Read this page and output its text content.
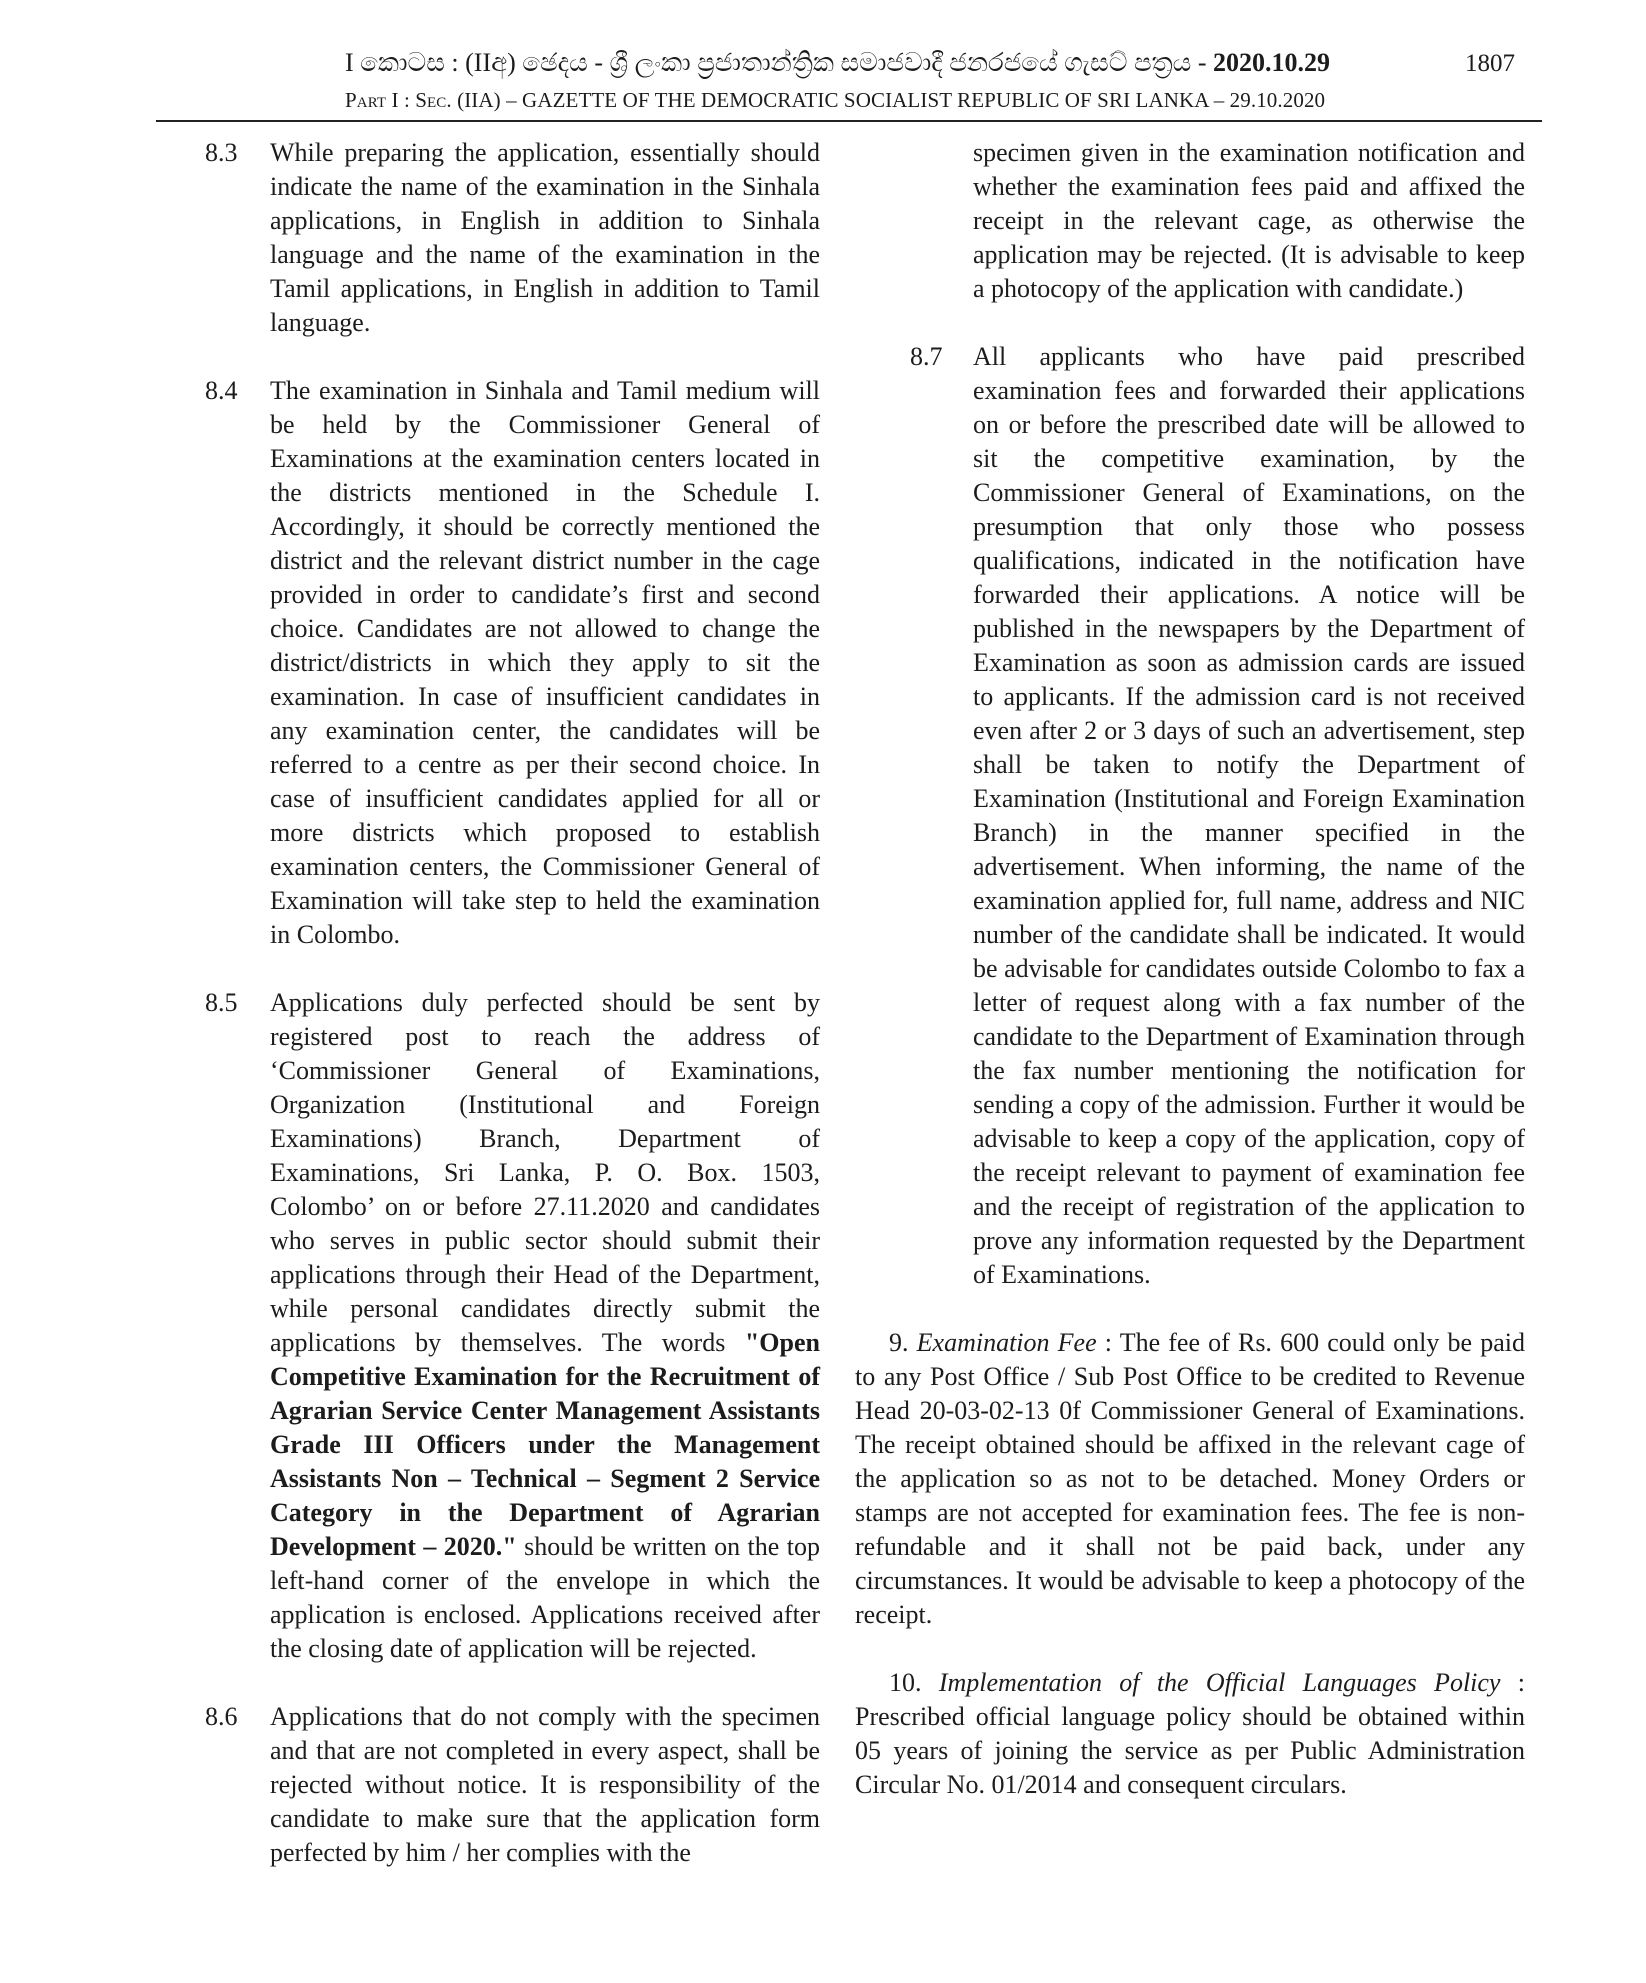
I කොටස : (IIඅ) ඡෙදය - ශ්‍රී ලංකා ප්‍රජාතාන්ත්‍රික සමාජවාදී ජනරජයේ ගැසට් පත්‍රය - 2020.10.29	1807
Part I : Sec. (IIA) – GAZETTE OF THE DEMOCRATIC SOCIALIST REPUBLIC OF SRI LANKA – 29.10.2020
8.3 While preparing the application, essentially should indicate the name of the examination in the Sinhala applications, in English in addition to Sinhala language and the name of the examination in the Tamil applications, in English in addition to Tamil language.
8.4 The examination in Sinhala and Tamil medium will be held by the Commissioner General of Examinations at the examination centers located in the districts mentioned in the Schedule I. Accordingly, it should be correctly mentioned the district and the relevant district number in the cage provided in order to candidate’s first and second choice. Candidates are not allowed to change the district/districts in which they apply to sit the examination. In case of insufficient candidates in any examination center, the candidates will be referred to a centre as per their second choice. In case of insufficient candidates applied for all or more districts which proposed to establish examination centers, the Commissioner General of Examination will take step to held the examination in Colombo.
8.5 Applications duly perfected should be sent by registered post to reach the address of ‘Commissioner General of Examinations, Organization (Institutional and Foreign Examinations) Branch, Department of Examinations, Sri Lanka, P. O. Box. 1503, Colombo’ on or before 27.11.2020 and candidates who serves in public sector should submit their applications through their Head of the Department, while personal candidates directly submit the applications by themselves. The words "Open Competitive Examination for the Recruitment of Agrarian Service Center Management Assistants Grade III Officers under the Management Assistants Non – Technical – Segment 2 Service Category in the Department of Agrarian Development – 2020." should be written on the top left-hand corner of the envelope in which the application is enclosed. Applications received after the closing date of application will be rejected.
8.6 Applications that do not comply with the specimen and that are not completed in every aspect, shall be rejected without notice. It is responsibility of the candidate to make sure that the application form perfected by him / her complies with the
specimen given in the examination notification and whether the examination fees paid and affixed the receipt in the relevant cage, as otherwise the application may be rejected. (It is advisable to keep a photocopy of the application with candidate.)
8.7 All applicants who have paid prescribed examination fees and forwarded their applications on or before the prescribed date will be allowed to sit the competitive examination, by the Commissioner General of Examinations, on the presumption that only those who possess qualifications, indicated in the notification have forwarded their applications. A notice will be published in the newspapers by the Department of Examination as soon as admission cards are issued to applicants. If the admission card is not received even after 2 or 3 days of such an advertisement, step shall be taken to notify the Department of Examination (Institutional and Foreign Examination Branch) in the manner specified in the advertisement. When informing, the name of the examination applied for, full name, address and NIC number of the candidate shall be indicated. It would be advisable for candidates outside Colombo to fax a letter of request along with a fax number of the candidate to the Department of Examination through the fax number mentioning the notification for sending a copy of the admission. Further it would be advisable to keep a copy of the application, copy of the receipt relevant to payment of examination fee and the receipt of registration of the application to prove any information requested by the Department of Examinations.
9. Examination Fee : The fee of Rs. 600 could only be paid to any Post Office / Sub Post Office to be credited to Revenue Head 20-03-02-13 0f Commissioner General of Examinations. The receipt obtained should be affixed in the relevant cage of the application so as not to be detached. Money Orders or stamps are not accepted for examination fees. The fee is non-refundable and it shall not be paid back, under any circumstances. It would be advisable to keep a photocopy of the receipt.
10. Implementation of the Official Languages Policy : Prescribed official language policy should be obtained within 05 years of joining the service as per Public Administration Circular No. 01/2014 and consequent circulars.
